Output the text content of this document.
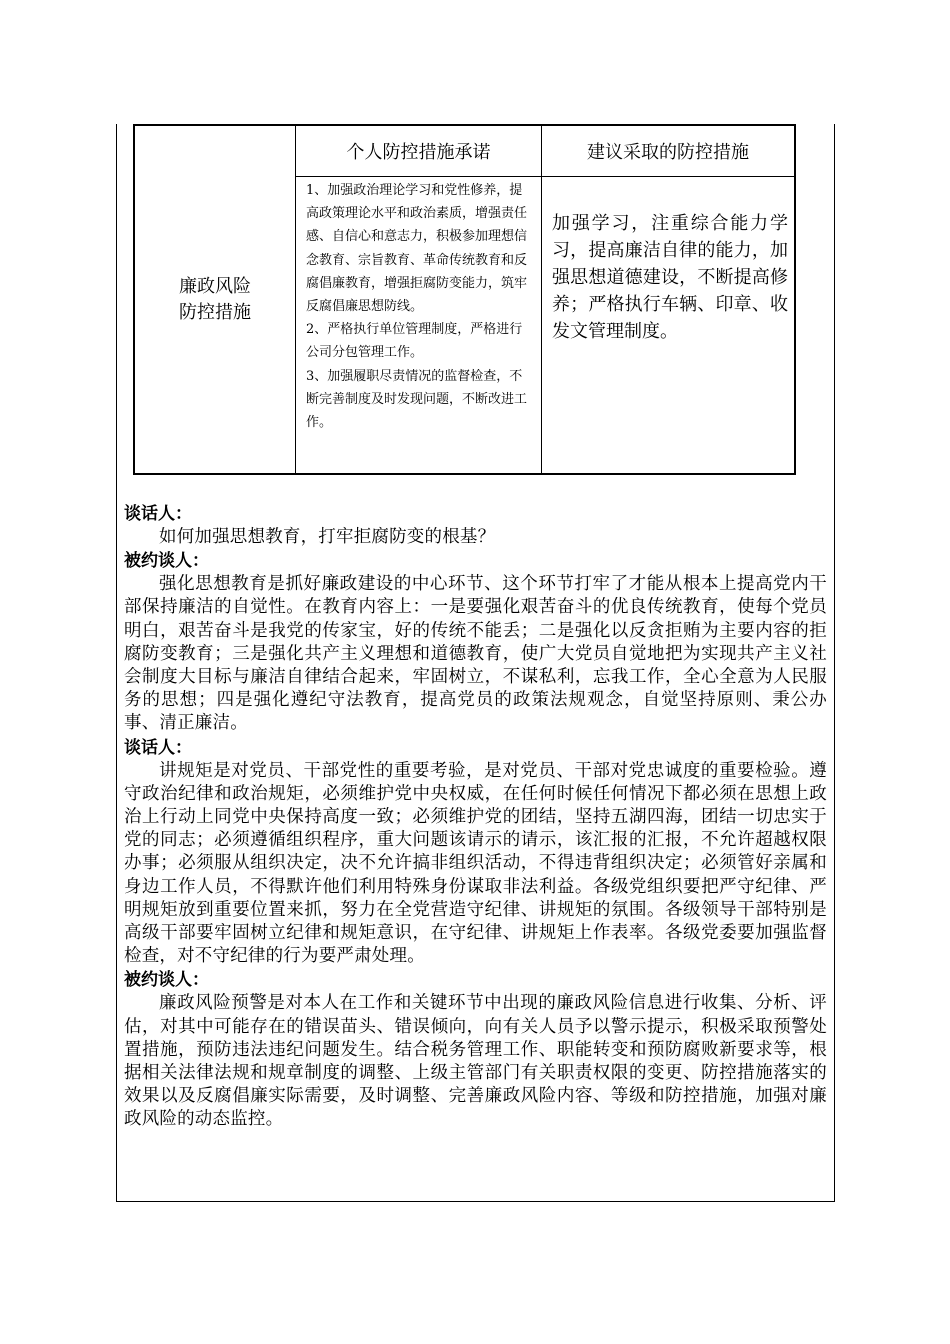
廉政风险
防控措施
个人防控措施承诺	建议采取的防控措施

1、加强政治理论学习和党性修养，提高政策理论水平和政治素质，增强责任感、自信心和意志力，积极参加理想信念教育、宗旨教育、革命传统教育和反腐倡廉教育，增强拒腐防变能力，筑牢反腐倡廉思想防线。

2、严格执行单位管理制度，严格进行公司分包管理工作。

3、加强履职尽责情况的监督检查，不断完善制度及时发现问题，不断改进工作。

加强学习，注重综合能力学习，提高廉洁自律的能力，加强思想道德建设，不断提高修养；严格执行车辆、印章、收发文管理制度。

谈话人：

如何加强思想教育，打牢拒腐防变的根基？

被约谈人：

强化思想教育是抓好廉政建设的中心环节、这个环节打牢了才能从根本上提高党内干部保持廉洁的自觉性。在教育内容上：一是要强化艰苦奋斗的优良传统教育，使每个党员明白，艰苦奋斗是我党的传家宝，好的传统不能丢；二是强化以反贪拒贿为主要内容的拒腐防变教育；三是强化共产主义理想和道德教育，使广大党员自觉地把为实现共产主义社会制度大目标与廉洁自律结合起来，牢固树立，不谋私利，忘我工作，全心全意为人民服务的思想；四是强化遵纪守法教育，提高党员的政策法规观念，自觉坚持原则、秉公办事、清正廉洁。

谈话人：

讲规矩是对党员、干部党性的重要考验，是对党员、干部对党忠诚度的重要检验。遵守政治纪律和政治规矩，必须维护党中央权威，在任何时候任何情况下都必须在思想上政治上行动上同党中央保持高度一致；必须维护党的团结，坚持五湖四海，团结一切忠实于党的同志；必须遵循组织程序，重大问题该请示的请示，该汇报的汇报，不允许超越权限办事；必须服从组织决定，决不允许搞非组织活动，不得违背组织决定；必须管好亲属和身边工作人员，不得默许他们利用特殊身份谋取非法利益。各级党组织要把严守纪律、严明规矩放到重要位置来抓，努力在全党营造守纪律、讲规矩的氛围。各级领导干部特别是高级干部要牢固树立纪律和规矩意识，在守纪律、讲规矩上作表率。各级党委要加强监督检查，对不守纪律的行为要严肃处理。

被约谈人：

廉政风险预警是对本人在工作和关键环节中出现的廉政风险信息进行收集、分析、评估，对其中可能存在的错误苗头、错误倾向，向有关人员予以警示提示，积极采取预警处置措施，预防违法违纪问题发生。结合税务管理工作、职能转变和预防腐败新要求等，根据相关法律法规和规章制度的调整、上级主管部门有关职责权限的变更、防控措施落实的效果以及反腐倡廉实际需要，及时调整、完善廉政风险内容、等级和防控措施，加强对廉政风险的动态监控。
